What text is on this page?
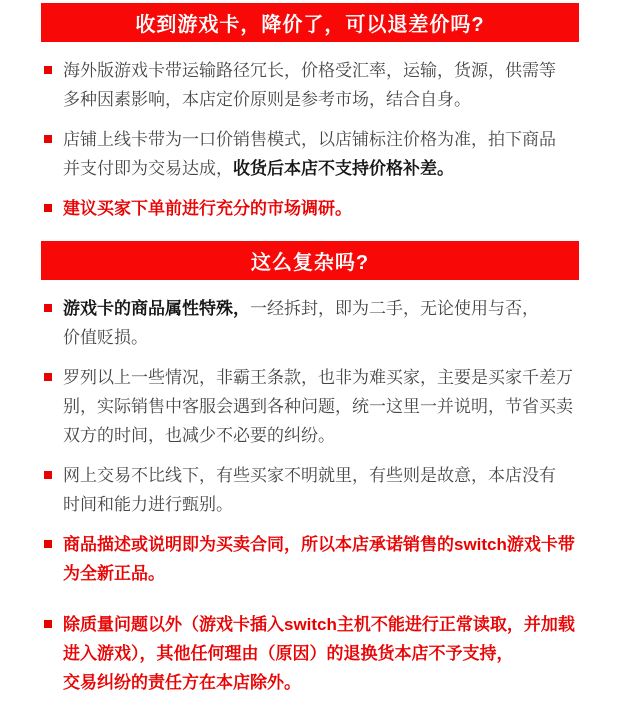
收到游戏卡，降价了，可以退差价吗?
海外版游戏卡带运输路径冗长，价格受汇率，运输，货源，供需等
多种因素影响，本店定价原则是参考市场，结合自身。
店铺上线卡带为一口价销售模式，以店铺标注价格为准，拍下商品
并支付即为交易达成，收货后本店不支持价格补差。
建议买家下单前进行充分的市场调研。
这么复杂吗?
游戏卡的商品属性特殊，一经拆封，即为二手，无论使用与否，
价值贬损。
罗列以上一些情况，非霸王条款，也非为难买家，主要是买家千差万
别，实际销售中客服会遇到各种问题，统一这里一并说明，节省买卖
双方的时间，也减少不必要的纠纷。
网上交易不比线下，有些买家不明就里，有些则是故意，本店没有
时间和能力进行甄别。
商品描述或说明即为买卖合同，所以本店承诺销售的switch游戏卡带
为全新正品。
除质量问题以外（游戏卡插入switch主机不能进行正常读取，并加载
进入游戏），其他任何理由（原因）的退换货本店不予支持，
交易纠纷的责任方在本店除外。
